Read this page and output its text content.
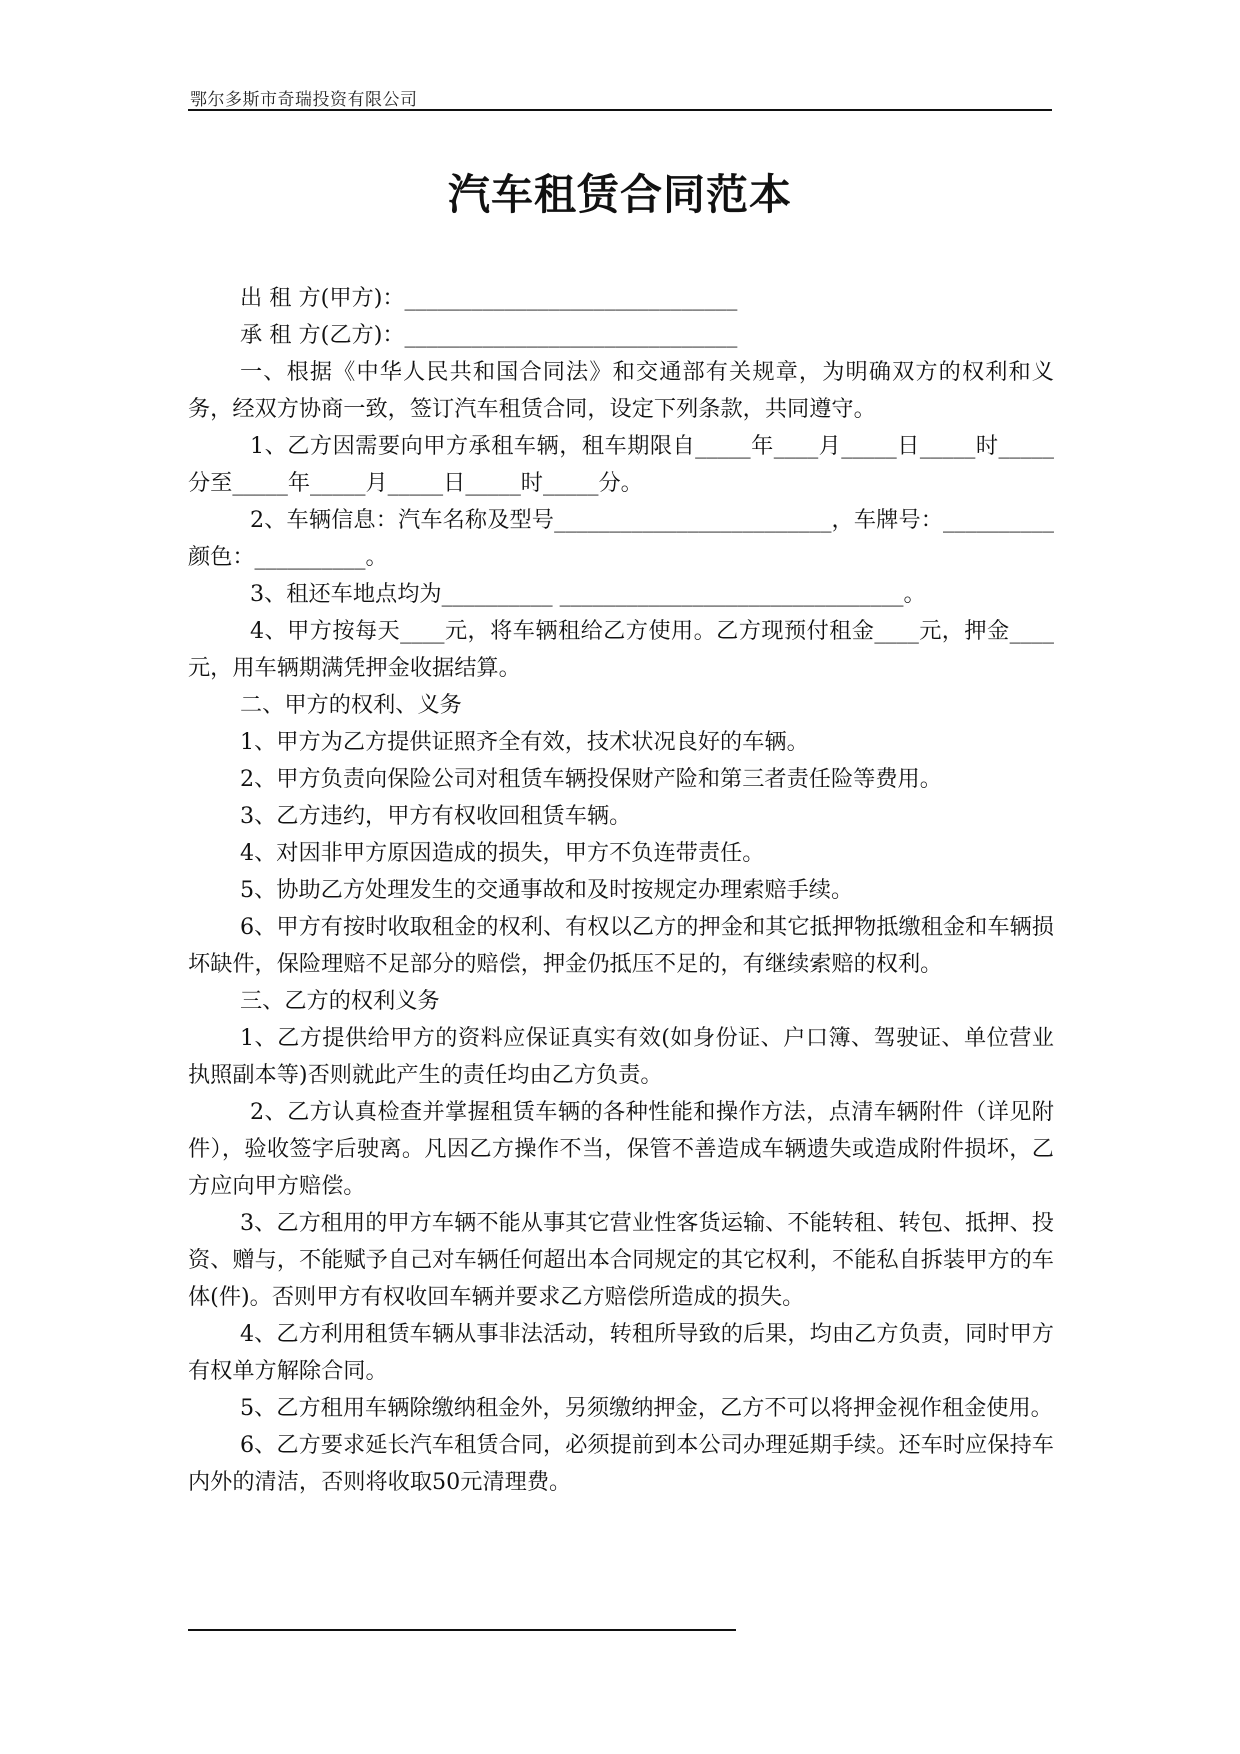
鄂尔多斯市奇瑞投资有限公司
汽车租赁合同范本

出 租 方(甲方)：______________________________

承 租 方(乙方)：______________________________

一、根据《中华人民共和国合同法》和交通部有关规章，为明确双方的权利和义务，经双方协商一致，签订汽车租赁合同，设定下列条款，共同遵守。

1、乙方因需要向甲方承租车辆，租车期限自_____年____月_____日_____时_____分至_____年_____月_____日_____时_____分。

2、车辆信息：汽车名称及型号_________________________，车牌号：__________颜色：__________。

3、租还车地点均为__________ _______________________________。

4、甲方按每天____元，将车辆租给乙方使用。乙方现预付租金____元，押金____元，用车辆期满凭押金收据结算。

二、甲方的权利、义务

1、甲方为乙方提供证照齐全有效，技术状况良好的车辆。

2、甲方负责向保险公司对租赁车辆投保财产险和第三者责任险等费用。

3、乙方违约，甲方有权收回租赁车辆。

4、对因非甲方原因造成的损失，甲方不负连带责任。

5、协助乙方处理发生的交通事故和及时按规定办理索赔手续。

6、甲方有按时收取租金的权利、有权以乙方的押金和其它抵押物抵缴租金和车辆损坏缺件，保险理赔不足部分的赔偿，押金仍抵压不足的，有继续索赔的权利。

三、乙方的权利义务

1、乙方提供给甲方的资料应保证真实有效(如身份证、户口簿、驾驶证、单位营业执照副本等)否则就此产生的责任均由乙方负责。

2、乙方认真检查并掌握租赁车辆的各种性能和操作方法，点清车辆附件（详见附件），验收签字后驶离。凡因乙方操作不当，保管不善造成车辆遗失或造成附件损坏，乙方应向甲方赔偿。

3、乙方租用的甲方车辆不能从事其它营业性客货运输、不能转租、转包、抵押、投资、赠与，不能赋予自己对车辆任何超出本合同规定的其它权利，不能私自拆装甲方的车体(件)。否则甲方有权收回车辆并要求乙方赔偿所造成的损失。

4、乙方利用租赁车辆从事非法活动，转租所导致的后果，均由乙方负责，同时甲方有权单方解除合同。

5、乙方租用车辆除缴纳租金外，另须缴纳押金，乙方不可以将押金视作租金使用。

6、乙方要求延长汽车租赁合同，必须提前到本公司办理延期手续。还车时应保持车内外的清洁，否则将收取50元清理费。
